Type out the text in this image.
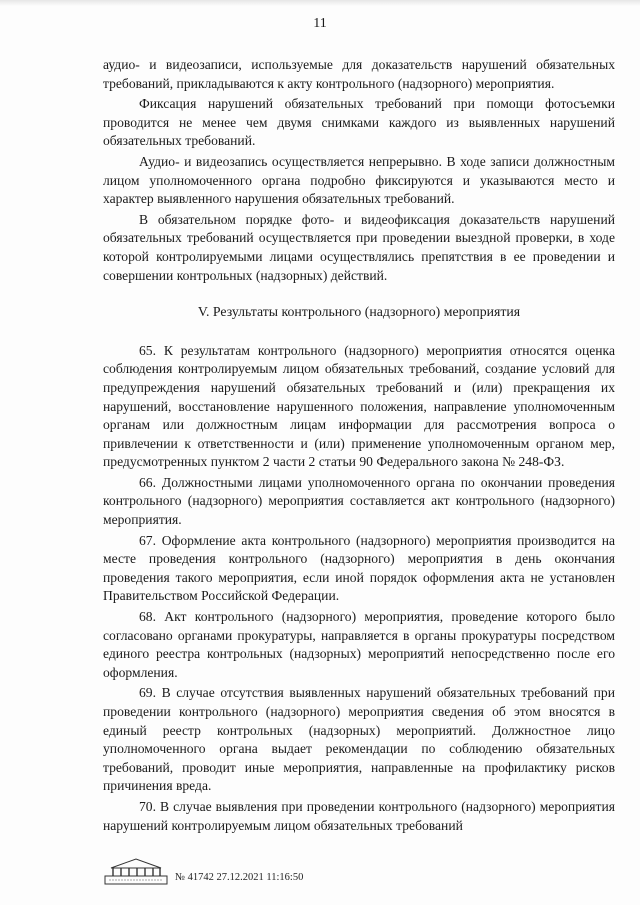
11

аудио- и видеозаписи, используемые для доказательств нарушений обязательных требований, прикладываются к акту контрольного (надзорного) мероприятия.

Фиксация нарушений обязательных требований при помощи фотосъемки проводится не менее чем двумя снимками каждого из выявленных нарушений обязательных требований.

Аудио- и видеозапись осуществляется непрерывно. В ходе записи должностным лицом уполномоченного органа подробно фиксируются и указываются место и характер выявленного нарушения обязательных требований.

В обязательном порядке фото- и видеофиксация доказательств нарушений обязательных требований осуществляется при проведении выездной проверки, в ходе которой контролируемыми лицами осуществлялись препятствия в ее проведении и совершении контрольных (надзорных) действий.

V. Результаты контрольного (надзорного) мероприятия

65. К результатам контрольного (надзорного) мероприятия относятся оценка соблюдения контролируемым лицом обязательных требований, создание условий для предупреждения нарушений обязательных требований и (или) прекращения их нарушений, восстановление нарушенного положения, направление уполномоченным органам или должностным лицам информации для рассмотрения вопроса о привлечении к ответственности и (или) применение уполномоченным органом мер, предусмотренных пунктом 2 части 2 статьи 90 Федерального закона № 248-ФЗ.

66. Должностными лицами уполномоченного органа по окончании проведения контрольного (надзорного) мероприятия составляется акт контрольного (надзорного) мероприятия.

67. Оформление акта контрольного (надзорного) мероприятия производится на месте проведения контрольного (надзорного) мероприятия в день окончания проведения такого мероприятия, если иной порядок оформления акта не установлен Правительством Российской Федерации.

68. Акт контрольного (надзорного) мероприятия, проведение которого было согласовано органами прокуратуры, направляется в органы прокуратуры посредством единого реестра контрольных (надзорных) мероприятий непосредственно после его оформления.

69. В случае отсутствия выявленных нарушений обязательных требований при проведении контрольного (надзорного) мероприятия сведения об этом вносятся в единый реестр контрольных (надзорных) мероприятий. Должностное лицо уполномоченного органа выдает рекомендации по соблюдению обязательных требований, проводит иные мероприятия, направленные на профилактику рисков причинения вреда.

70. В случае выявления при проведении контрольного (надзорного) мероприятия нарушений контролируемым лицом обязательных требований

№ 41742 27.12.2021 11:16:50
